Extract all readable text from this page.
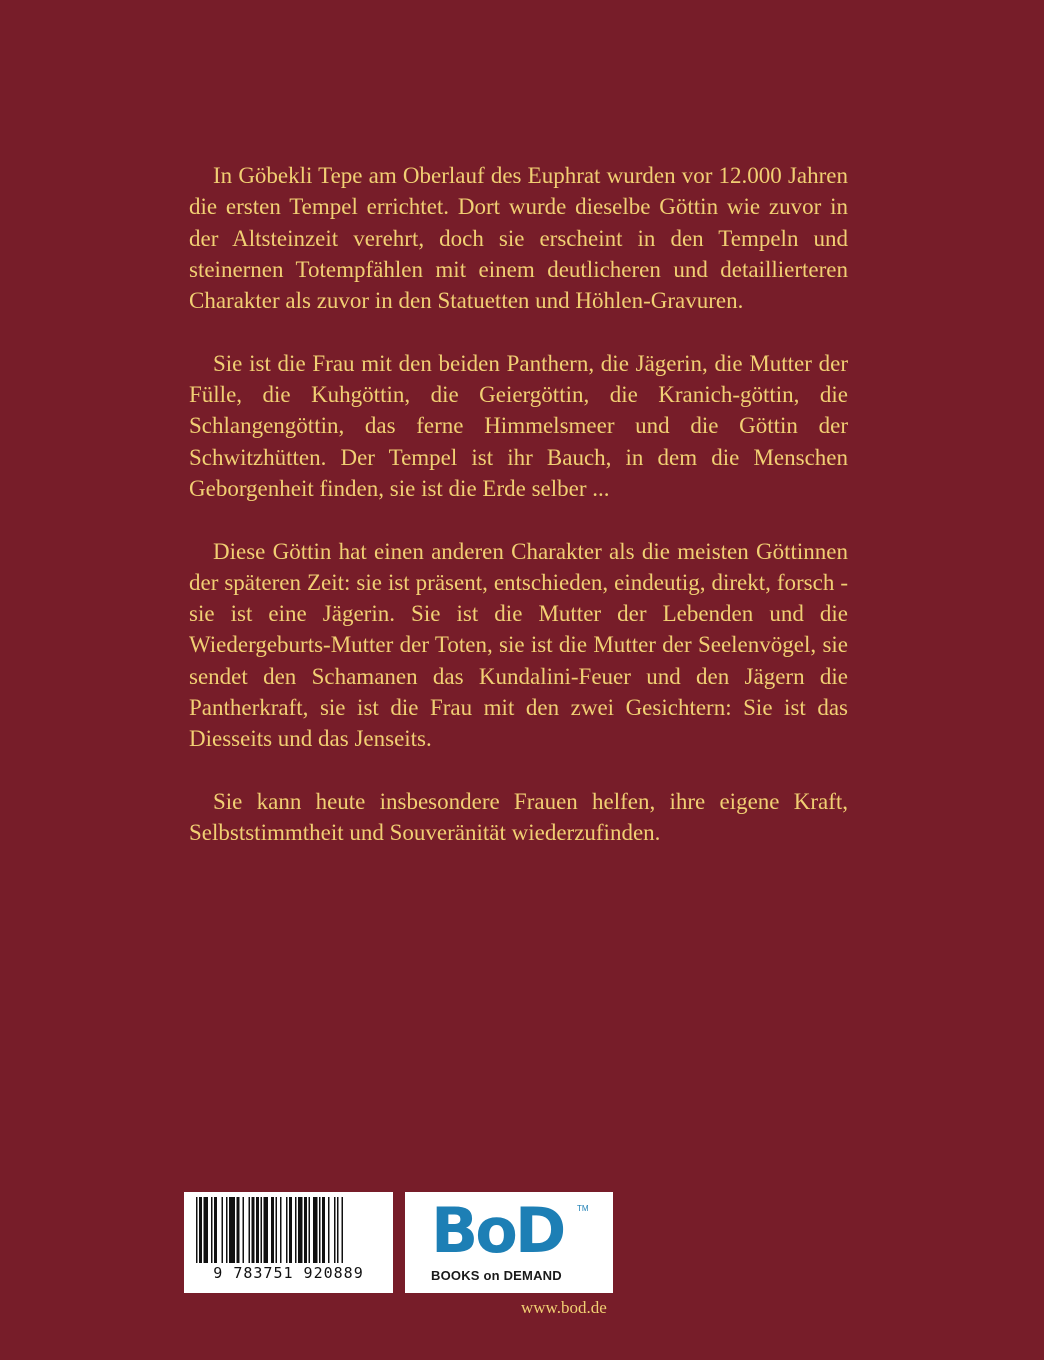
In Göbekli Tepe am Oberlauf des Euphrat wurden vor 12.000 Jahren die ersten Tempel errichtet. Dort wurde dieselbe Göttin wie zuvor in der Altsteinzeit verehrt, doch sie erscheint in den Tempeln und steinernen Totempfählen mit einem deutlicheren und detaillierteren Charakter als zuvor in den Statuetten und Höhlen-Gravuren.

Sie ist die Frau mit den beiden Panthern, die Jägerin, die Mutter der Fülle, die Kuhgöttin, die Geiergöttin, die Kranich-göttin, die Schlangengöttin, das ferne Himmelsmeer und die Göttin der Schwitzhütten. Der Tempel ist ihr Bauch, in dem die Menschen Geborgenheit finden, sie ist die Erde selber ...

Diese Göttin hat einen anderen Charakter als die meisten Göttinnen der späteren Zeit: sie ist präsent, entschieden, eindeutig, direkt, forsch - sie ist eine Jägerin. Sie ist die Mutter der Lebenden und die Wiedergeburts-Mutter der Toten, sie ist die Mutter der Seelenvögel, sie sendet den Schamanen das Kundalini-Feuer und den Jägern die Pantherkraft, sie ist die Frau mit den zwei Gesichtern: Sie ist das Diesseits und das Jenseits.

Sie kann heute insbesondere Frauen helfen, ihre eigene Kraft, Selbststimmtheit und Souveränität wiederzufinden.

9 783751 920889
BoD TM
BOOKS on DEMAND
www.bod.de
